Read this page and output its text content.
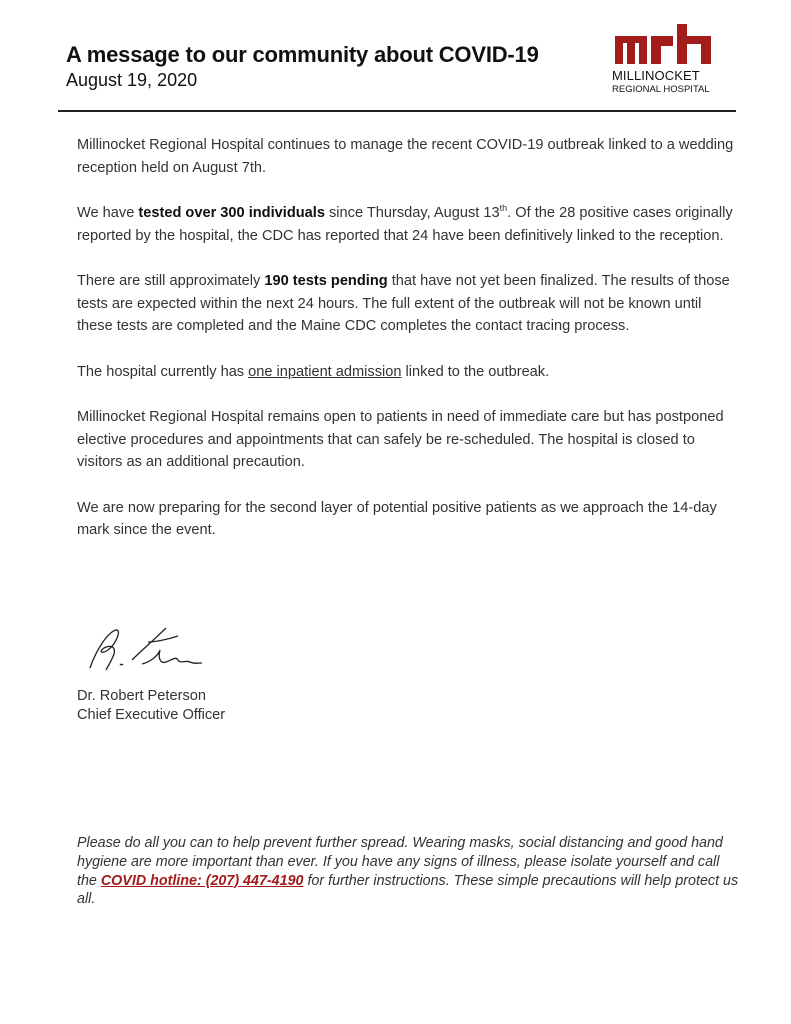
A message to our community about COVID-19
August 19, 2020	MILLINOCKET
REGIONAL HOSPITAL

Millinocket Regional Hospital continues to manage the recent COVID-19 outbreak linked to a wedding reception held on August 7th.

We have tested over 300 individuals since Thursday, August 13th. Of the 28 positive cases originally reported by the hospital, the CDC has reported that 24 have been definitively linked to the reception.

There are still approximately 190 tests pending that have not yet been finalized. The results of those tests are expected within the next 24 hours. The full extent of the outbreak will not be known until these tests are completed and the Maine CDC completes the contact tracing process.

The hospital currently has one inpatient admission linked to the outbreak.

Millinocket Regional Hospital remains open to patients in need of immediate care but has postponed elective procedures and appointments that can safely be re-scheduled. The hospital is closed to visitors as an additional precaution.

We are now preparing for the second layer of potential positive patients as we approach the 14-day mark since the event.

Dr. Robert Peterson
Chief Executive Officer
Please do all you can to help prevent further spread. Wearing masks, social distancing and good hand hygiene are more important than ever. If you have any signs of illness, please isolate yourself and call the COVID hotline: (207) 447-4190 for further instructions. These simple precautions will help protect us all.
